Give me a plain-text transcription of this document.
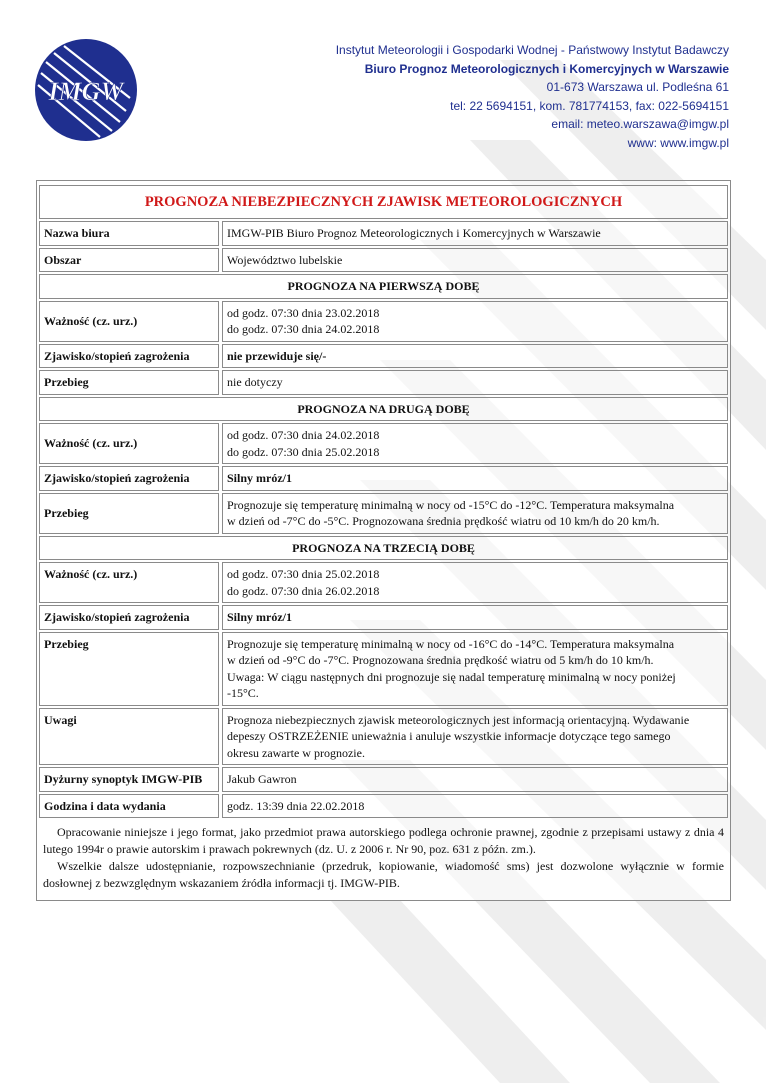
IMGW
Instytut Meteorologii i Gospodarki Wodnej - Państwowy Instytut Badawczy
Biuro Prognoz Meteorologicznych i Komercyjnych w Warszawie
01-673 Warszawa ul. Podleśna 61
tel: 22 5694151, kom. 781774153, fax: 022-5694151
email: meteo.warszawa@imgw.pl
www: www.imgw.pl
PROGNOZA NIEBEZPIECZNYCH ZJAWISK METEOROLOGICZNYCH		
Nazwa biura		IMGW-PIB Biuro Prognoz Meteorologicznych i Komercyjnych w Warszawie
Obszar		Województwo lubelskie
PROGNOZA NA PIERWSZĄ DOBĘ		
Ważność (cz. urz.)		od godz. 07:30 dnia 23.02.2018
do godz. 07:30 dnia 24.02.2018

Zjawisko/stopień zagrożenia		nie przewiduje się/-
Przebieg		nie dotyczy
PROGNOZA NA DRUGĄ DOBĘ		
Ważność (cz. urz.)		od godz. 07:30 dnia 24.02.2018
do godz. 07:30 dnia 25.02.2018

Zjawisko/stopień zagrożenia		Silny mróz/1
Przebieg		Prognozuje się temperaturę minimalną w nocy od -15°C do -12°C. Temperatura maksymalna
w dzień od -7°C do -5°C. Prognozowana średnia prędkość wiatru od 10 km/h do 20 km/h.

PROGNOZA NA TRZECIĄ DOBĘ		
Ważność (cz. urz.)		od godz. 07:30 dnia 25.02.2018
do godz. 07:30 dnia 26.02.2018

Zjawisko/stopień zagrożenia		Silny mróz/1
Przebieg		Prognozuje się temperaturę minimalną w nocy od -16°C do -14°C. Temperatura maksymalna
w dzień od -9°C do -7°C. Prognozowana średnia prędkość wiatru od 5 km/h do 10 km/h.
Uwaga: W ciągu następnych dni prognozuje się nadal temperaturę minimalną w nocy poniżej
-15°C.

Uwagi		Prognoza niebezpiecznych zjawisk meteorologicznych jest informacją orientacyjną. Wydawanie
depeszy OSTRZEŻENIE unieważnia i anuluje wszystkie informacje dotyczące tego samego
okresu zawarte w prognozie.

Dyżurny synoptyk IMGW-PIB		Jakub Gawron
Godzina i data wydania		godz. 13:39 dnia 22.02.2018

Opracowanie niniejsze i jego format, jako przedmiot prawa autorskiego podlega ochronie prawnej, zgodnie z przepisami ustawy z dnia 4 lutego 1994r o prawie autorskim i prawach pokrewnych (dz. U. z 2006 r. Nr 90, poz. 631 z późn. zm.).

Wszelkie dalsze udostępnianie, rozpowszechnianie (przedruk, kopiowanie, wiadomość sms) jest dozwolone wyłącznie w formie dosłownej z bezwzględnym wskazaniem źródła informacji tj. IMGW-PIB.		
